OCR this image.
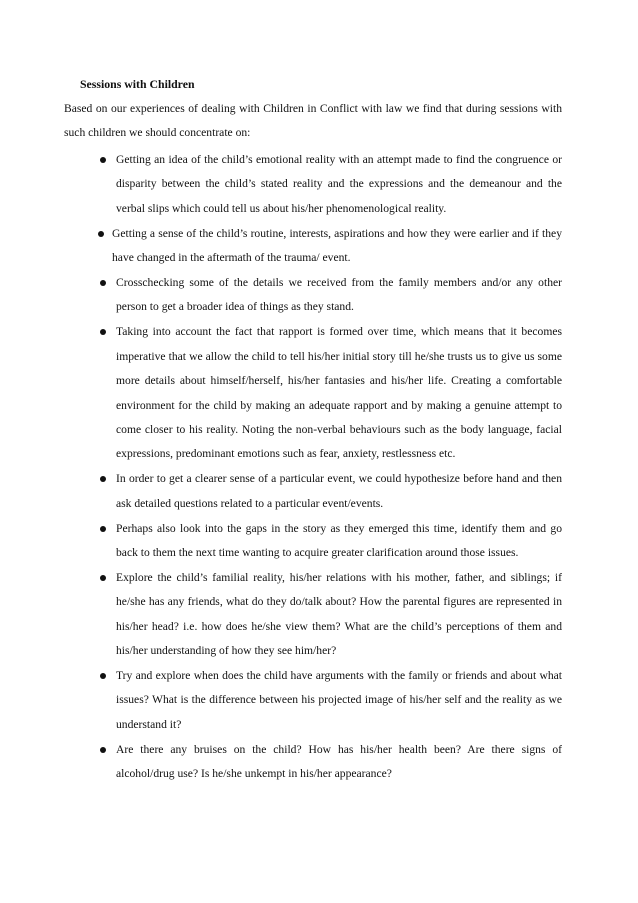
Sessions with Children

Based on our experiences of dealing with Children in Conflict with law we find that during sessions with such children we should concentrate on:

Getting an idea of the child’s emotional reality with an attempt made to find the congruence or disparity between the child’s stated reality and the expressions and the demeanour and the verbal slips which could tell us about his/her phenomenological reality.
Getting a sense of the child’s routine, interests, aspirations and how they were earlier and if they have changed in the aftermath of the trauma/ event.
Crosschecking some of the details we received from the family members and/or any other person to get a broader idea of things as they stand.
Taking into account the fact that rapport is formed over time, which means that it becomes imperative that we allow the child to tell his/her initial story till he/she trusts us to give us some more details about himself/herself, his/her fantasies and his/her life. Creating a comfortable environment for the child by making an adequate rapport and by making a genuine attempt to come closer to his reality. Noting the non-verbal behaviours such as the body language, facial expressions, predominant emotions such as fear, anxiety, restlessness etc.
In order to get a clearer sense of a particular event, we could hypothesize before hand and then ask detailed questions related to a particular event/events.
Perhaps also look into the gaps in the story as they emerged this time, identify them and go back to them the next time wanting to acquire greater clarification around those issues.
Explore the child’s familial reality, his/her relations with his mother, father, and siblings; if he/she has any friends, what do they do/talk about? How the parental figures are represented in his/her head? i.e. how does he/she view them? What are the child’s perceptions of them and his/her understanding of how they see him/her?
Try and explore when does the child have arguments with the family or friends and about what issues? What is the difference between his projected image of his/her self and the reality as we understand it?
Are there any bruises on the child? How has his/her health been? Are there signs of alcohol/drug use? Is he/she unkempt in his/her appearance?
